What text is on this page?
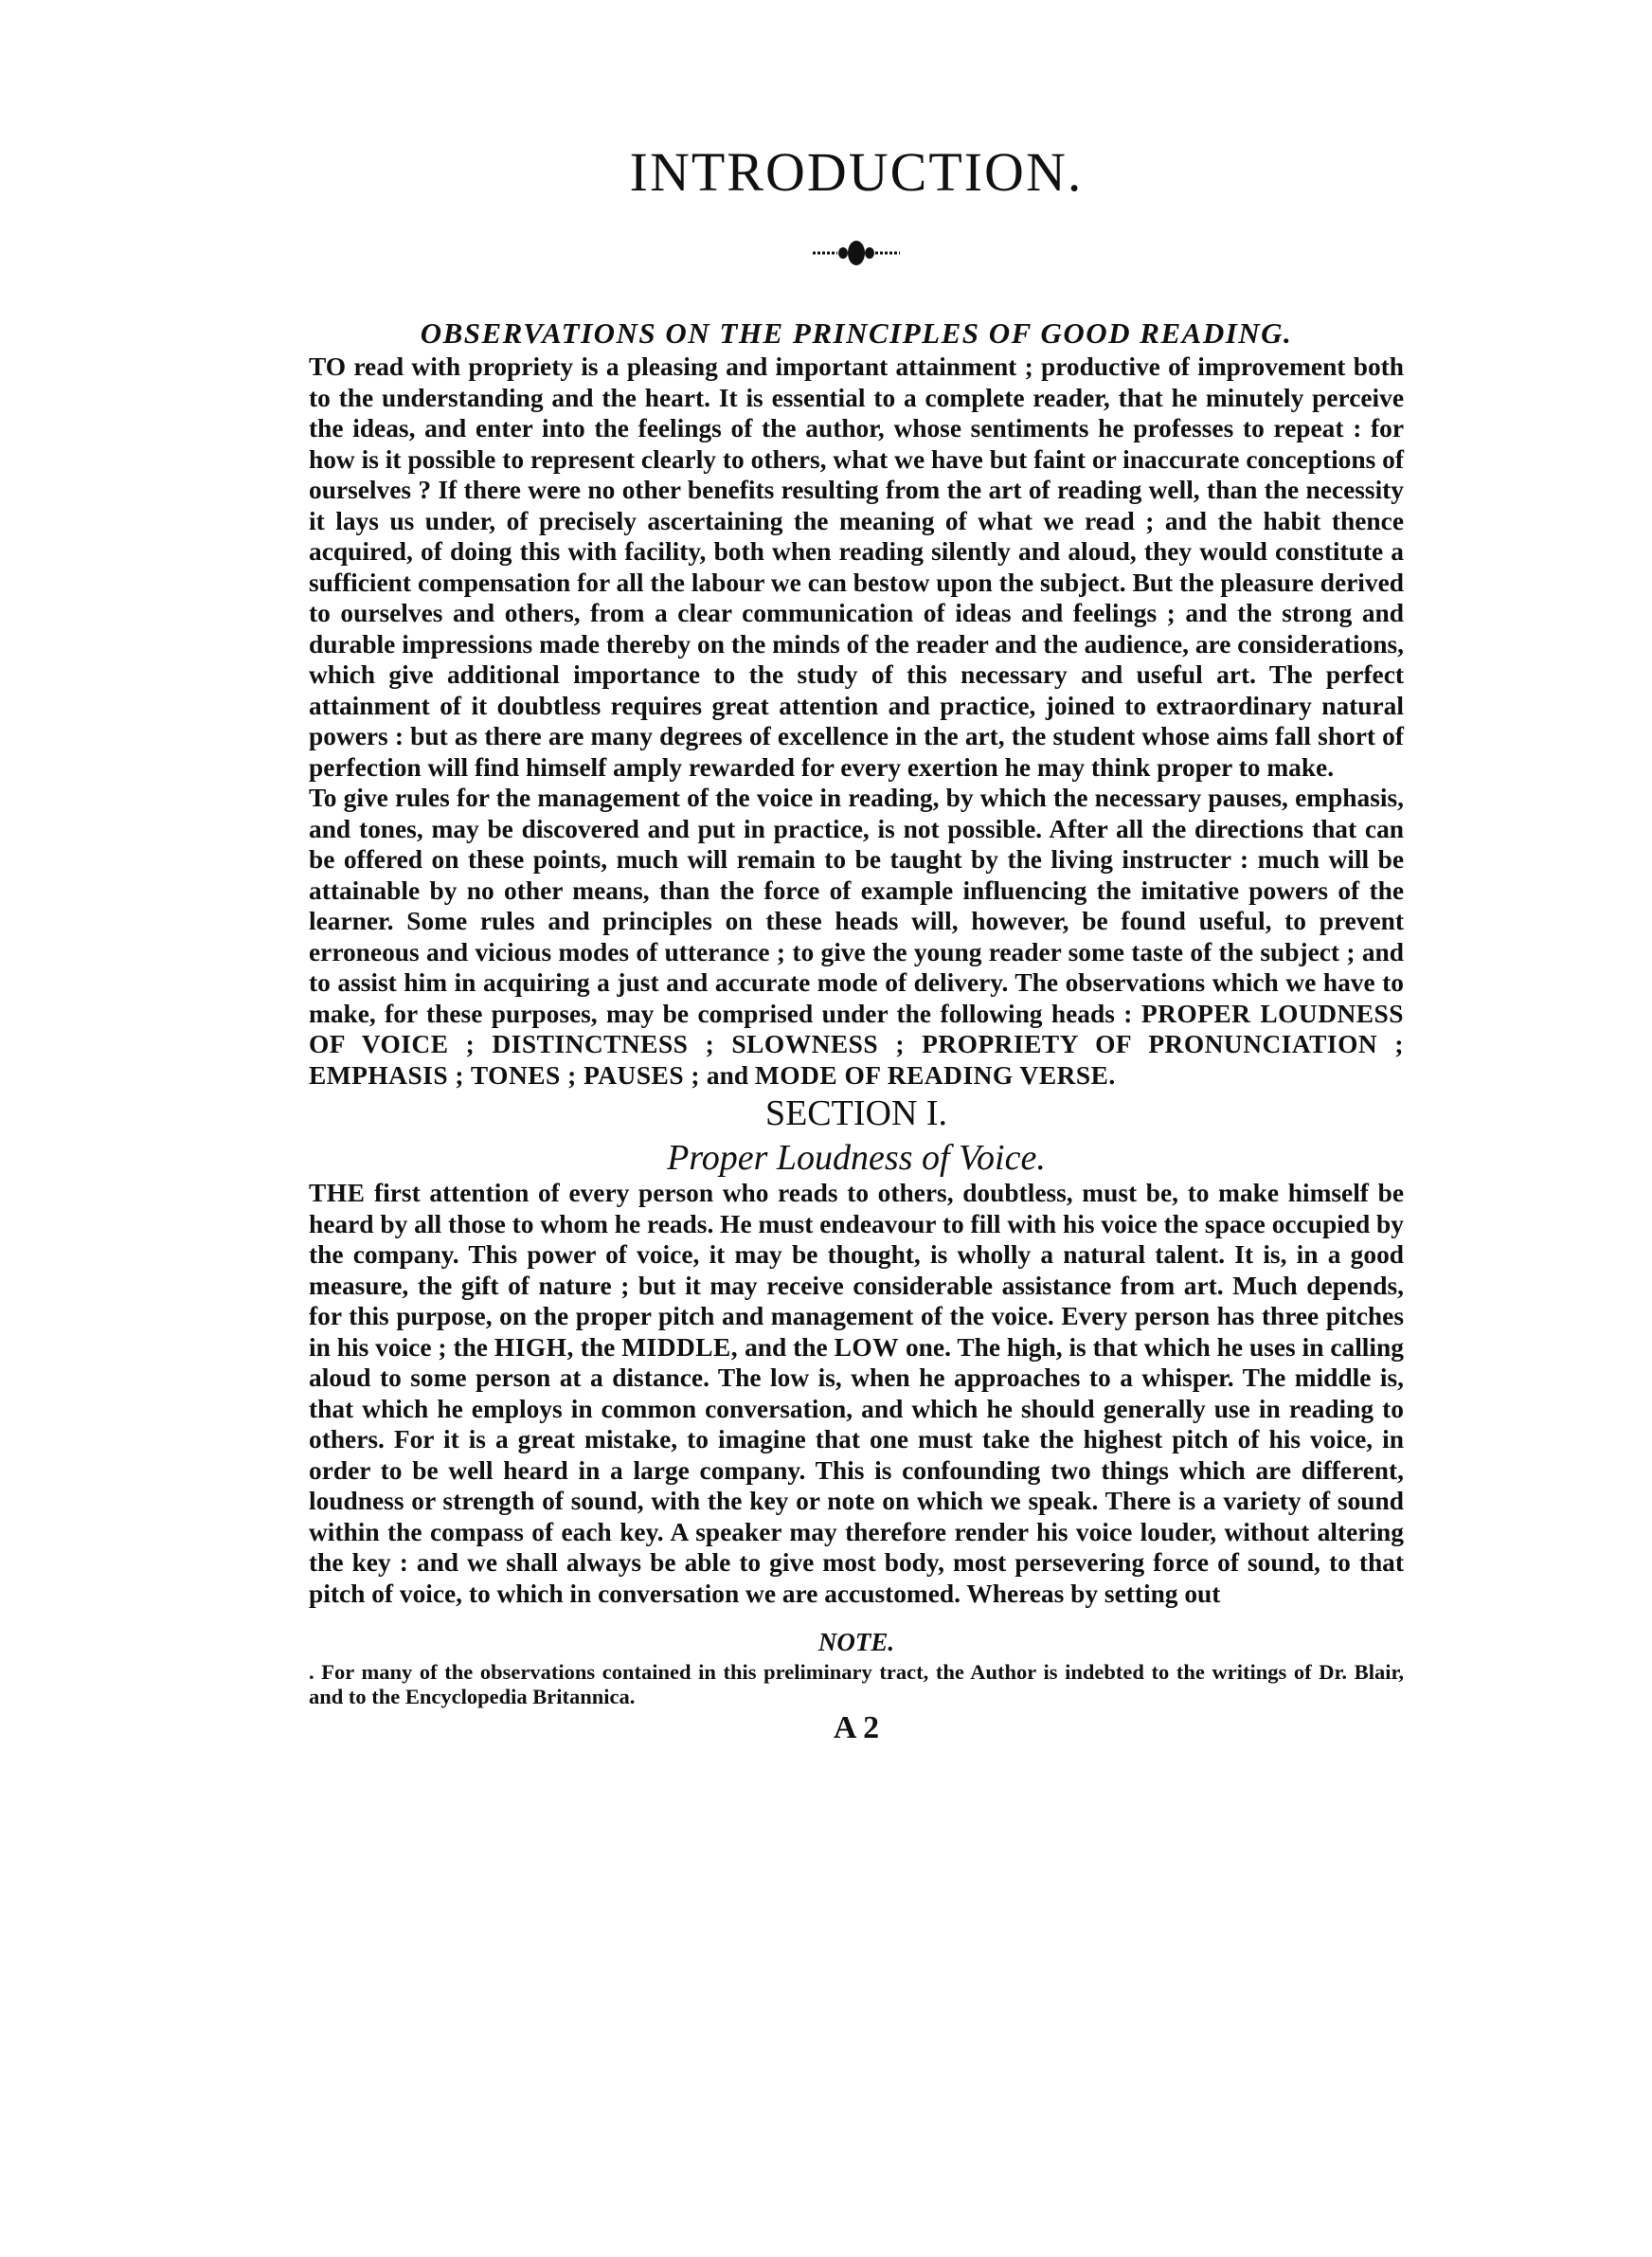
INTRODUCTION.
OBSERVATIONS ON THE PRINCIPLES OF GOOD READING.

TO read with propriety is a pleasing and important attainment ; productive of improvement both to the understanding and the heart. It is essential to a complete reader, that he minutely perceive the ideas, and enter into the feelings of the author, whose sentiments he professes to repeat : for how is it possible to represent clearly to others, what we have but faint or inaccurate conceptions of ourselves ? If there were no other benefits resulting from the art of reading well, than the necessity it lays us under, of precisely ascertaining the meaning of what we read ; and the habit thence acquired, of doing this with facility, both when reading silently and aloud, they would constitute a sufficient compensation for all the labour we can bestow upon the subject. But the pleasure derived to ourselves and others, from a clear communication of ideas and feelings ; and the strong and durable impressions made thereby on the minds of the reader and the audience, are considerations, which give additional importance to the study of this necessary and useful art. The perfect attainment of it doubtless requires great attention and practice, joined to extraordinary natural powers : but as there are many degrees of excellence in the art, the student whose aims fall short of perfection will find himself amply rewarded for every exertion he may think proper to make.

To give rules for the management of the voice in reading, by which the necessary pauses, emphasis, and tones, may be discovered and put in practice, is not possible. After all the directions that can be offered on these points, much will remain to be taught by the living instructer : much will be attainable by no other means, than the force of example influencing the imitative powers of the learner. Some rules and principles on these heads will, however, be found useful, to prevent erroneous and vicious modes of utterance ; to give the young reader some taste of the subject ; and to assist him in acquiring a just and accurate mode of delivery. The observations which we have to make, for these purposes, may be comprised under the following heads : PROPER LOUDNESS OF VOICE ; DISTINCTNESS ; SLOWNESS ; PROPRIETY OF PRONUNCIATION ; EMPHASIS ; TONES ; PAUSES ; and MODE OF READING VERSE.

SECTION I.
Proper Loudness of Voice.

THE first attention of every person who reads to others, doubtless, must be, to make himself be heard by all those to whom he reads. He must endeavour to fill with his voice the space occupied by the company. This power of voice, it may be thought, is wholly a natural talent. It is, in a good measure, the gift of nature ; but it may receive considerable assistance from art. Much depends, for this purpose, on the proper pitch and management of the voice. Every person has three pitches in his voice ; the HIGH, the MIDDLE, and the LOW one. The high, is that which he uses in calling aloud to some person at a distance. The low is, when he approaches to a whisper. The middle is, that which he employs in common conversation, and which he should generally use in reading to others. For it is a great mistake, to imagine that one must take the highest pitch of his voice, in order to be well heard in a large company. This is confounding two things which are different, loudness or strength of sound, with the key or note on which we speak. There is a variety of sound within the compass of each key. A speaker may therefore render his voice louder, without altering the key : and we shall always be able to give most body, most persevering force of sound, to that pitch of voice, to which in conversation we are accustomed. Whereas by setting out

NOTE.
. For many of the observations contained in this preliminary tract, the Author is indebted to the writings of Dr. Blair, and to the Encyclopedia Britannica.
A 2
